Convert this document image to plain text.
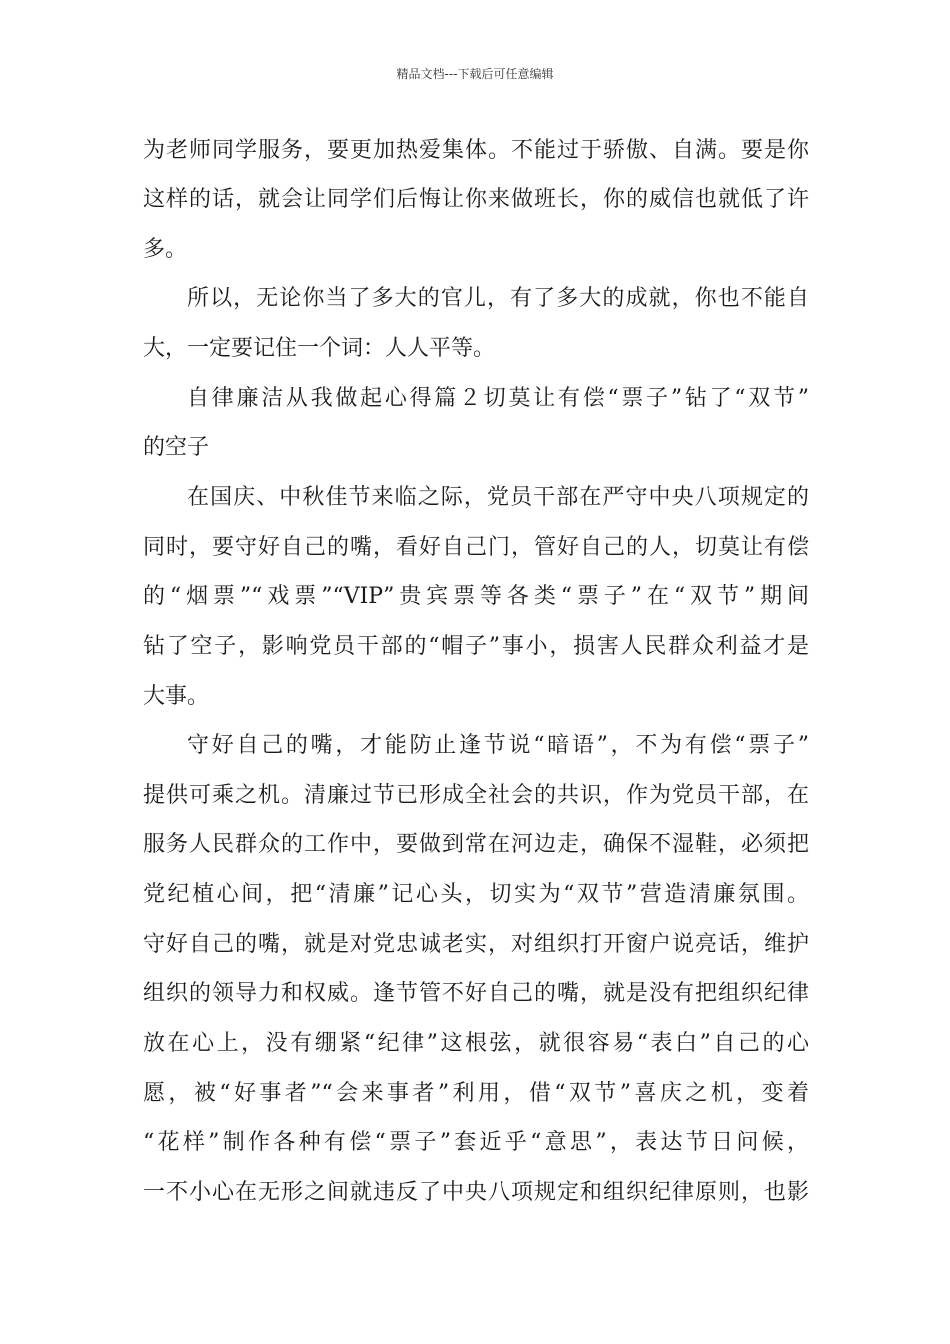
精品文档---下载后可任意编辑
为老师同学服务，要更加热爱集体。不能过于骄傲、自满。要是你
这样的话，就会让同学们后悔让你来做班长，你的威信也就低了许
多。
所以，无论你当了多大的官儿，有了多大的成就，你也不能自
大，一定要记住一个词：人人平等。
自律廉洁从我做起心得篇２切莫让有偿“票子”钻了“双节”
的空子
在国庆、中秋佳节来临之际，党员干部在严守中央八项规定的
同时，要守好自己的嘴，看好自己门，管好自己的人，切莫让有偿
的“烟票”“戏票”“VIP”贵宾票等各类“票子”在“双节”期间
钻了空子，影响党员干部的“帽子”事小，损害人民群众利益才是
大事。
守好自己的嘴，才能防止逢节说“暗语”，不为有偿“票子”
提供可乘之机。清廉过节已形成全社会的共识，作为党员干部，在
服务人民群众的工作中，要做到常在河边走，确保不湿鞋，必须把
党纪植心间，把“清廉”记心头，切实为“双节”营造清廉氛围。
守好自己的嘴，就是对党忠诚老实，对组织打开窗户说亮话，维护
组织的领导力和权威。逢节管不好自己的嘴，就是没有把组织纪律
放在心上，没有绷紧“纪律”这根弦，就很容易“表白”自己的心
愿，被“好事者”“会来事者”利用，借“双节”喜庆之机，变着
“花样”制作各种有偿“票子”套近乎“意思”，表达节日问候，
一不小心在无形之间就违反了中央八项规定和组织纪律原则，也影
